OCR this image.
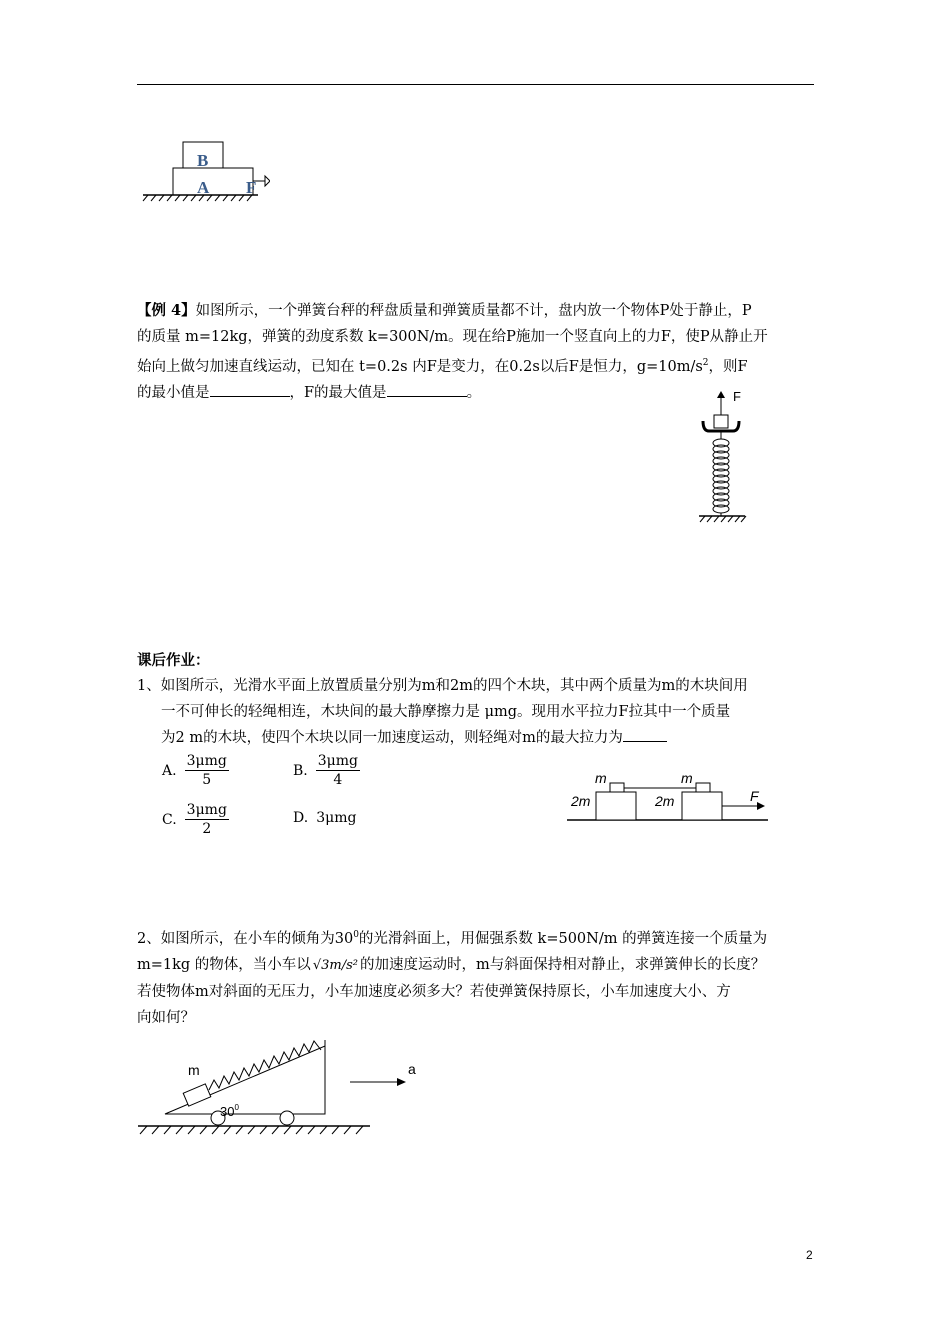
B
A F
【例 4】如图所示，一个弹簧台秤的秤盘质量和弹簧质量都不计，盘内放一个物体P处于静止，P
的质量 m=12kg，弹簧的劲度系数 k=300N/m。现在给P施加一个竖直向上的力F，使P从静止开
始向上做匀加速直线运动，已知在 t=0.2s 内F是变力，在0.2s以后F是恒力，$g=10m/s^2$，则F
的最小值是	，F的最大值是	。	F
课后作业：
1、如图所示，光滑水平面上放置质量分别为m和2m的四个木块，其中两个质量为m的木块间用
一不可伸长的轻绳相连，木块间的最大静摩擦力是 μmg。现用水平拉力F拉其中一个质量
为2 m的木块，使四个木块以同一加速度运动，则轻绳对m的最大拉力为
A. $\frac{\text{3μmg}}{5}$	B. $\frac{\text{3μmg}}{4}$
C. $\frac{\text{3μmg}}{2}$	D. 3μmg
m	m
2m	2m	F
2、如图所示，在小车的倾角为$30^0$的光滑斜面上，用倔强系数 k=500N/m 的弹簧连接一个质量为
m=1kg 的物体，当小车以 √3m/s² 的加速度运动时，m与斜面保持相对静止，求弹簧伸长的长度？
若使物体m对斜面的无压力，小车加速度必须多大？若使弹簧保持原长，小车加速度大小、方
向如何？
m
$30^0$
a
2
